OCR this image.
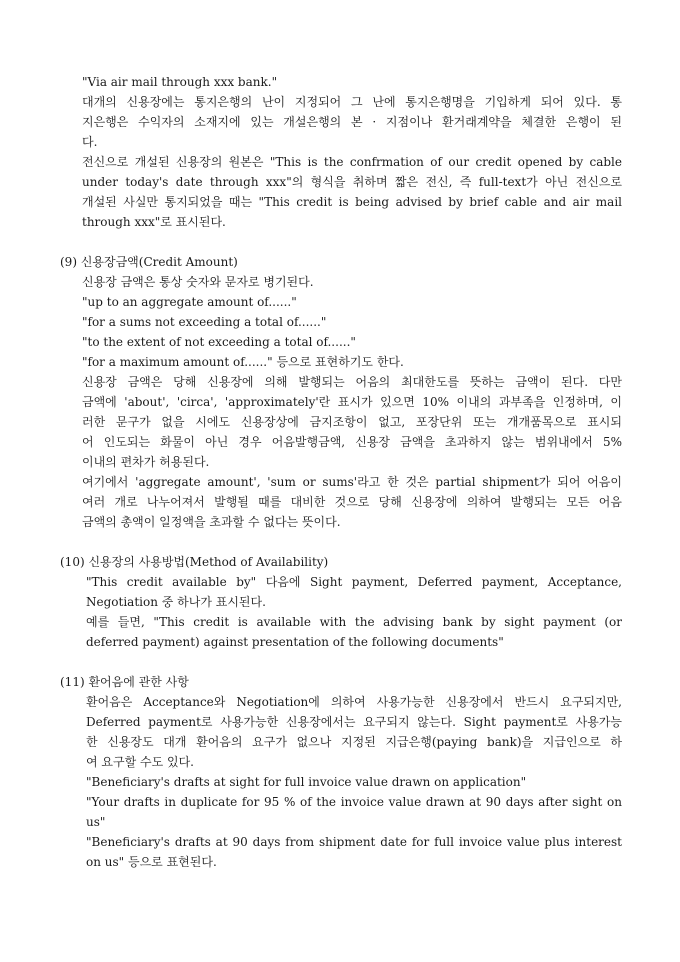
"Via air mail through xxx bank."

대개의 신용장에는 통지은행의 난이 지정되어 그 난에 통지은행명을 기입하게 되어 있다. 통

지은행은 수익자의 소재지에 있는 개설은행의 본 · 지점이나 환거래계약을 체결한 은행이 된

다.

전신으로 개설된 신용장의 원본은 "This is the confrmation of our credit opened by cable

under today's date through xxx"의 형식을 취하며 짧은 전신, 즉 full-text가 아닌 전신으로

개설된 사실만 통지되었을 때는 "This credit is being advised by brief cable and air mail

through xxx"로 표시된다.

(9) 신용장금액(Credit Amount)

신용장 금액은 통상 숫자와 문자로 병기된다.

"up to an aggregate amount of......"

"for a sums not exceeding a total of......"

"to the extent of not exceeding a total of......"

"for a maximum amount of......" 등으로 표현하기도 한다.

신용장 금액은 당해 신용장에 의해 발행되는 어음의 최대한도를 뜻하는 금액이 된다. 다만

금액에 'about', 'circa', 'approximately'란 표시가 있으면 10% 이내의 과부족을 인정하며, 이

러한 문구가 없을 시에도 신용장상에 금지조항이 없고, 포장단위 또는 개개품목으로 표시되

어 인도되는 화물이 아닌 경우 어음발행금액, 신용장 금액을 초과하지 않는 범위내에서 5%

이내의 편차가 허용된다.

여기에서 'aggregate amount', 'sum or sums'라고 한 것은 partial shipment가 되어 어음이

여러 개로 나누어져서 발행될 때를 대비한 것으로 당해 신용장에 의하여 발행되는 모든 어음

금액의 총액이 일정액을 초과할 수 없다는 뜻이다.

(10) 신용장의 사용방법(Method of Availability)

"This credit available by" 다음에 Sight payment, Deferred payment, Acceptance,

Negotiation 중 하나가 표시된다.

예를 들면, "This credit is available with the advising bank by sight payment (or

deferred payment) against presentation of the following documents"

(11) 환어음에 관한 사항

환어음은 Acceptance와 Negotiation에 의하여 사용가능한 신용장에서 반드시 요구되지만,

Deferred payment로 사용가능한 신용장에서는 요구되지 않는다. Sight payment로 사용가능

한 신용장도 대개 환어음의 요구가 없으나 지정된 지급은행(paying bank)을 지급인으로 하

여 요구할 수도 있다.

"Beneficiary's drafts at sight for full invoice value drawn on application"

"Your drafts in duplicate for 95 % of the invoice value drawn at 90 days after sight on

us"

"Beneficiary's drafts at 90 days from shipment date for full invoice value plus interest

on us" 등으로 표현된다.
